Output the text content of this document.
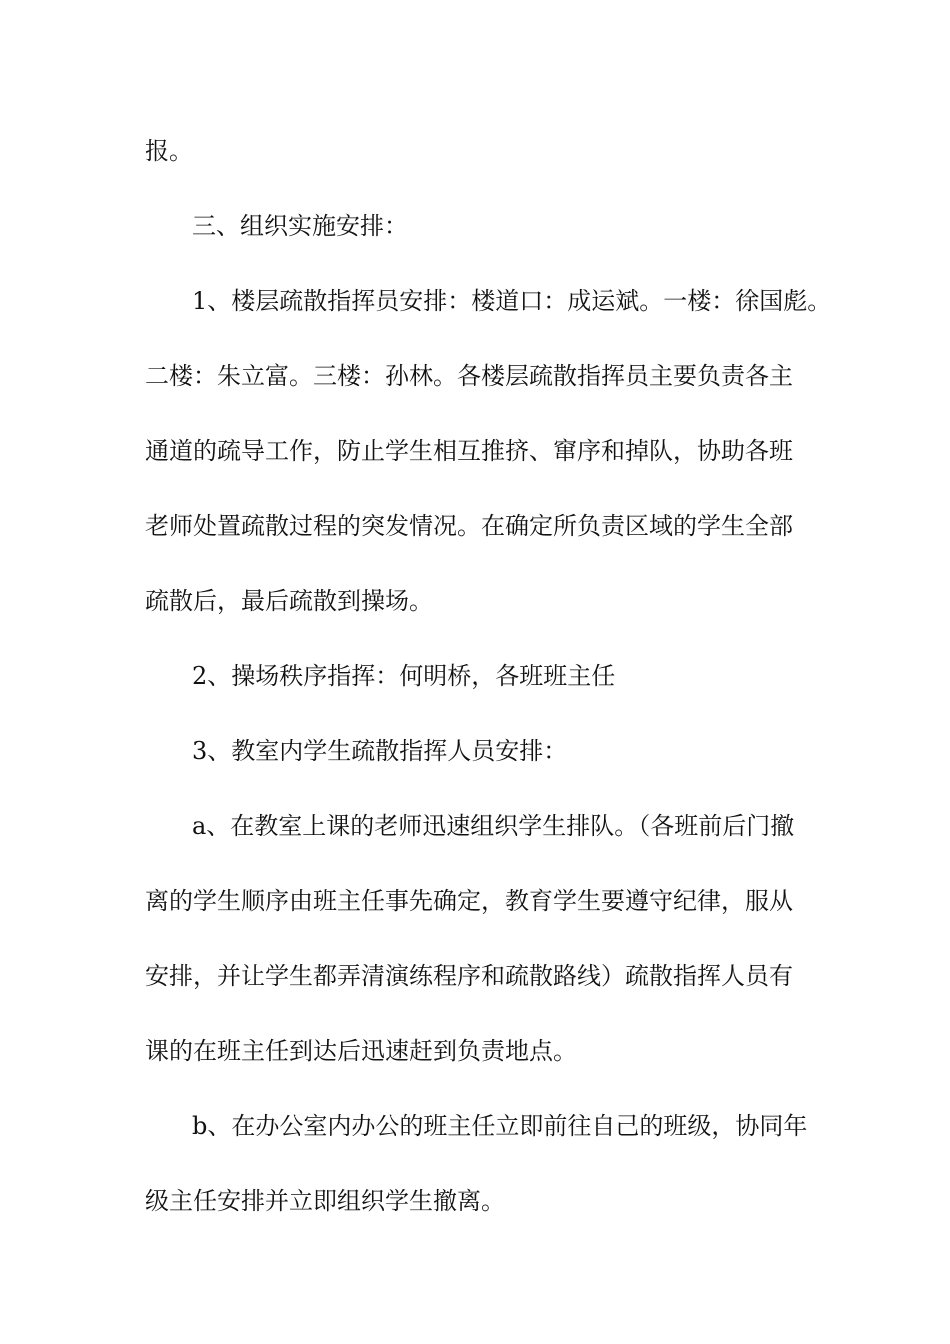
报。
三、组织实施安排：
1、楼层疏散指挥员安排：楼道口：成运斌。一楼：徐国彪。
二楼：朱立富。三楼：孙林。各楼层疏散指挥员主要负责各主
通道的疏导工作，防止学生相互推挤、窜序和掉队，协助各班
老师处置疏散过程的突发情况。在确定所负责区域的学生全部
疏散后，最后疏散到操场。
2、操场秩序指挥：何明桥，各班班主任
3、教室内学生疏散指挥人员安排：
a、在教室上课的老师迅速组织学生排队。（各班前后门撤
离的学生顺序由班主任事先确定，教育学生要遵守纪律，服从
安排，并让学生都弄清演练程序和疏散路线）疏散指挥人员有
课的在班主任到达后迅速赶到负责地点。
b、在办公室内办公的班主任立即前往自己的班级，协同年
级主任安排并立即组织学生撤离。
